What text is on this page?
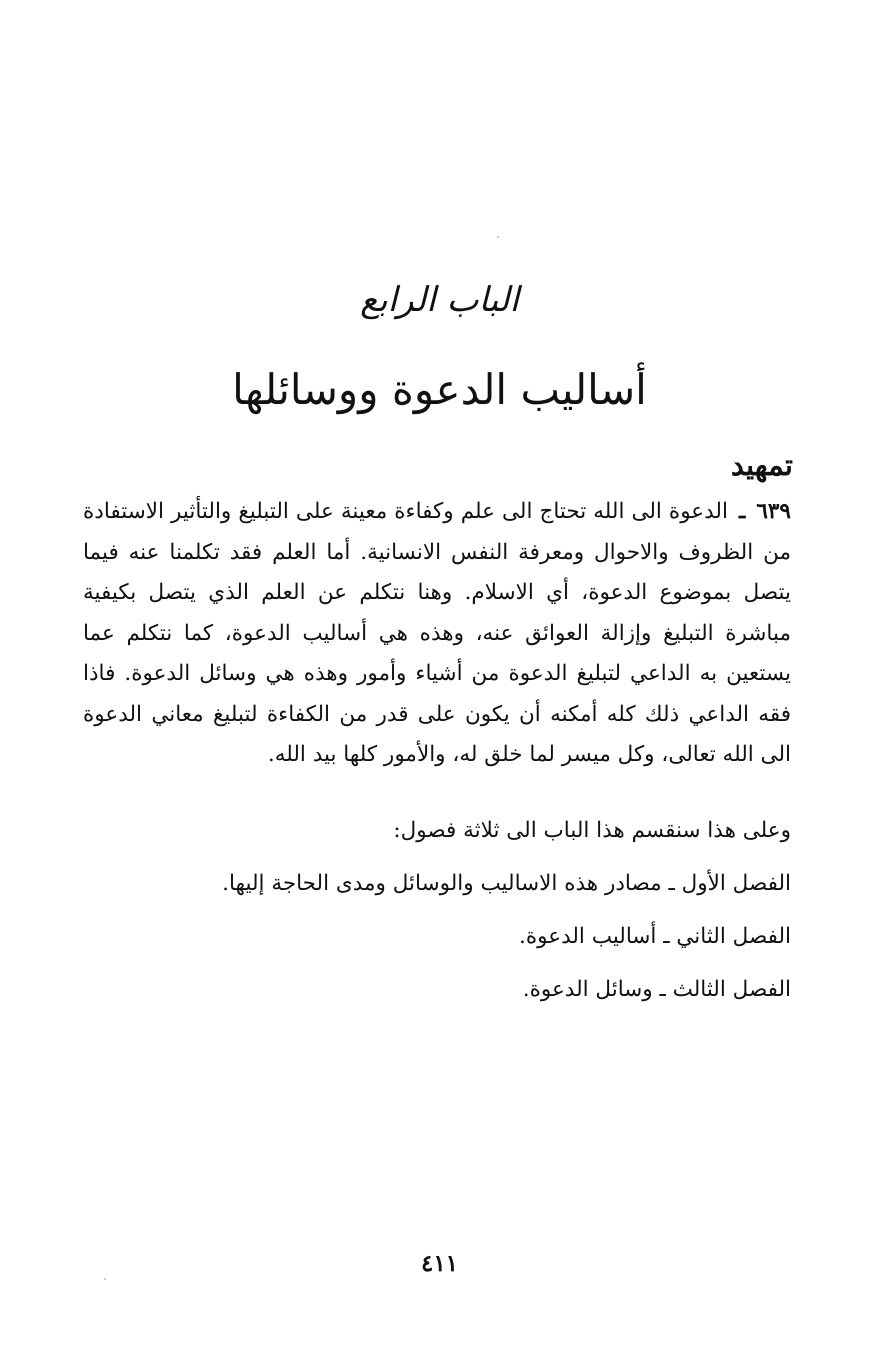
الباب الرابع
أساليب الدعوة ووسائلها
تمهيد

٦٣٩ ـ الدعوة الى الله تحتاج الى علم وكفاءة معينة على التبليغ والتأثير الاستفادة من الظروف والاحوال ومعرفة النفس الانسانية. أما العلم فقد تكلمنا عنه فيما يتصل بموضوع الدعوة، أي الاسلام. وهنا نتكلم عن العلم الذي يتصل بكيفية مباشرة التبليغ وإزالة العوائق عنه، وهذه هي أساليب الدعوة، كما نتكلم عما يستعين به الداعي لتبليغ الدعوة من أشياء وأمور وهذه هي وسائل الدعوة. فاذا فقه الداعي ذلك كله أمكنه أن يكون على قدر من الكفاءة لتبليغ معاني الدعوة الى الله تعالى، وكل ميسر لما خلق له، والأمور كلها بيد الله.

وعلى هذا سنقسم هذا الباب الى ثلاثة فصول:
الفصل الأول ـ مصادر هذه الاساليب والوسائل ومدى الحاجة إليها.
الفصل الثاني ـ أساليب الدعوة.
الفصل الثالث ـ وسائل الدعوة.
٤١١
